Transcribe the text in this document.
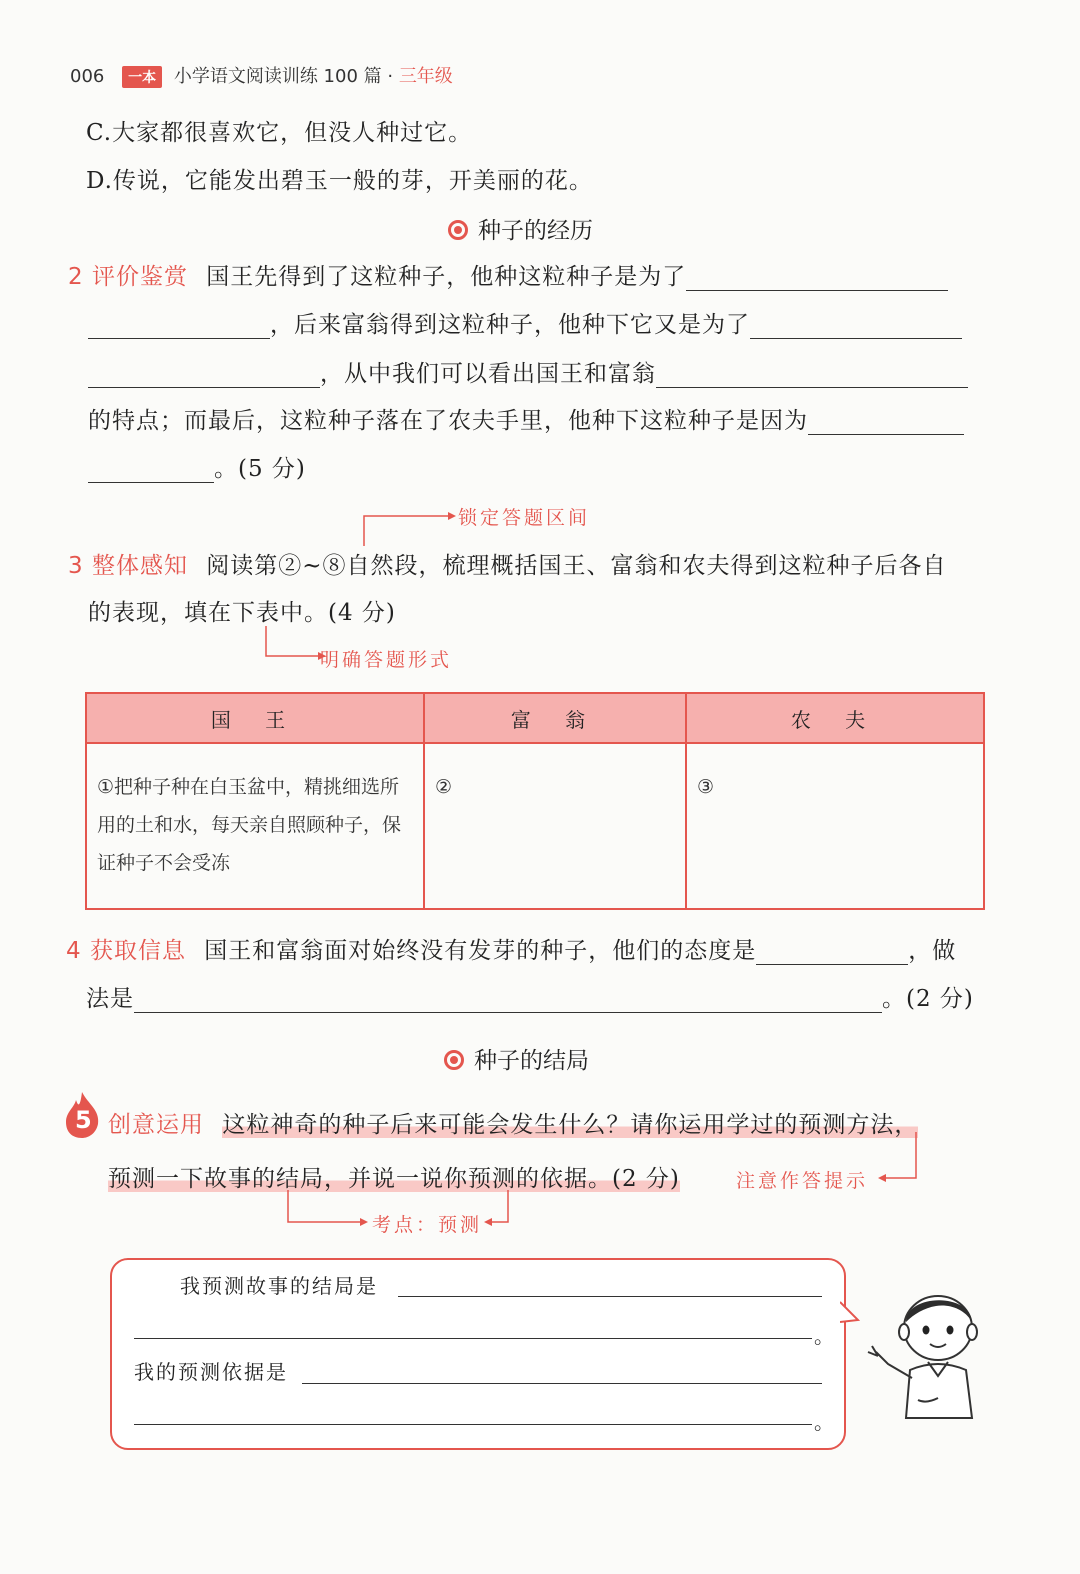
006 一本 小学语文阅读训练 100 篇 · 三年级
C.大家都很喜欢它，但没人种过它。
D.传说，它能发出碧玉一般的芽，开美丽的花。
种子的经历
2 评价鉴赏 国王先得到了这粒种子，他种这粒种子是为了
，后来富翁得到这粒种子，他种下它又是为了
，从中我们可以看出国王和富翁
的特点；而最后，这粒种子落在了农夫手里，他种下这粒种子是因为
。(5 分)
锁定答题区间
3 整体感知 阅读第②~⑧自然段，梳理概括国王、富翁和农夫得到这粒种子后各自
的表现，填在下表中。(4 分)
明确答题形式
国 王	富 翁	农 夫
①把种子种在白玉盆中，精挑细选所用的土和水，每天亲自照顾种子，保证种子不会受冻	②	③
4 获取信息 国王和富翁面对始终没有发芽的种子，他们的态度是	，做
法是	。(2 分)
种子的结局
5 创意运用 这粒神奇的种子后来可能会发生什么？请你运用学过的预测方法，
预测一下故事的结局，并说一说你预测的依据。(2 分)	注意作答提示
考点：预测
我预测故事的结局是
。
我的预测依据是
。
